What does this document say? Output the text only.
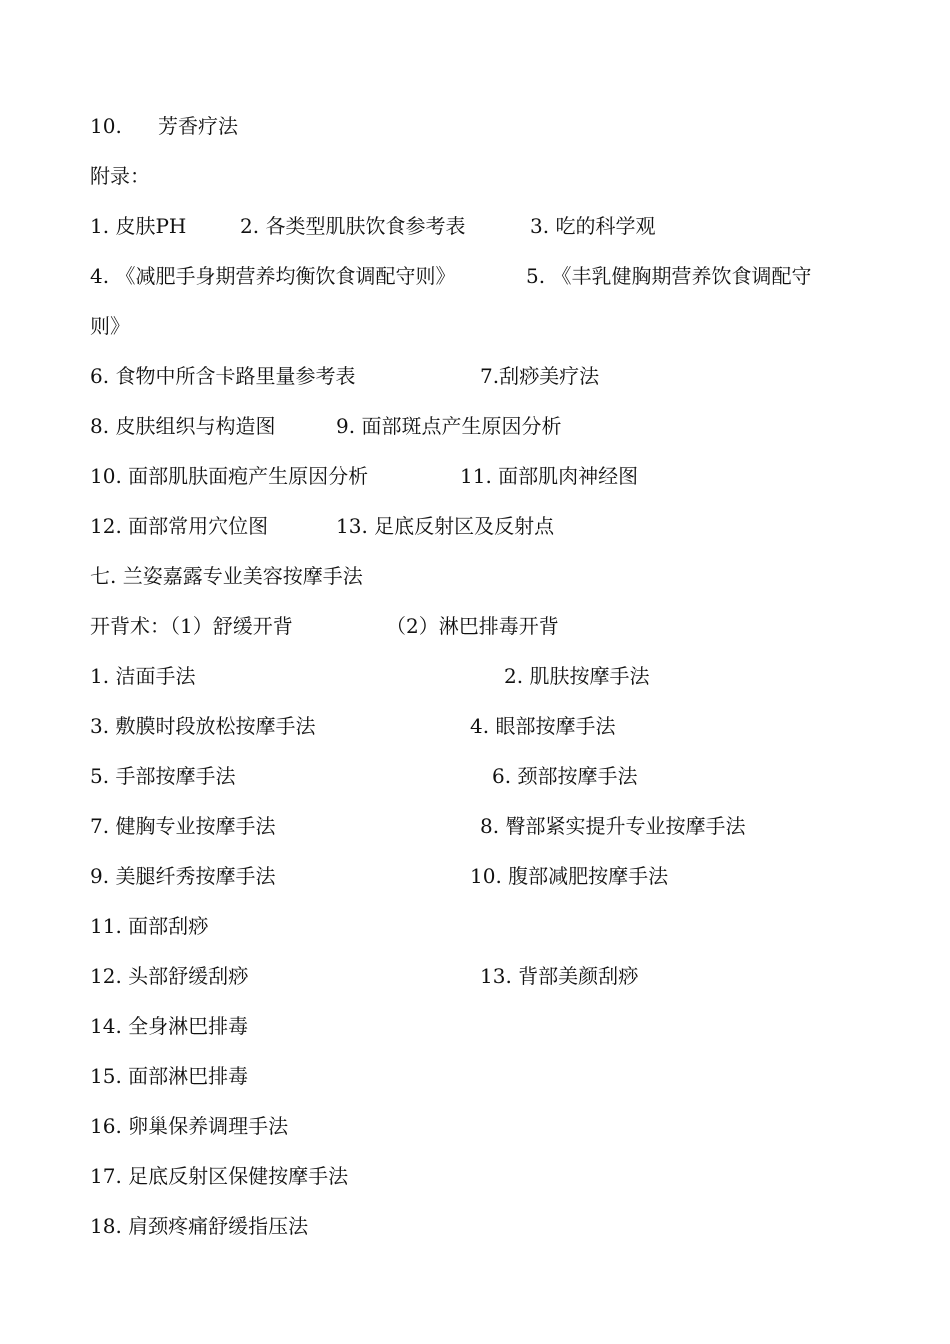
10. 芳香疗法
附录：
1. 皮肤PH	2. 各类型肌肤饮食参考表	3. 吃的科学观
4. 《减肥手身期营养均衡饮食调配守则》	5. 《丰乳健胸期营养饮食调配守
则》
6. 食物中所含卡路里量参考表	7.刮痧美疗法
8. 皮肤组织与构造图	9. 面部斑点产生原因分析
10. 面部肌肤面疱产生原因分析	11. 面部肌肉神经图
12. 面部常用穴位图	13. 足底反射区及反射点
七. 兰姿嘉露专业美容按摩手法
开背术：（1）舒缓开背	（2）淋巴排毒开背
1. 洁面手法	2. 肌肤按摩手法
3. 敷膜时段放松按摩手法	4. 眼部按摩手法
5. 手部按摩手法	6. 颈部按摩手法
7. 健胸专业按摩手法	8. 臀部紧实提升专业按摩手法
9. 美腿纤秀按摩手法	10. 腹部减肥按摩手法
11. 面部刮痧
12. 头部舒缓刮痧	13. 背部美颜刮痧
14. 全身淋巴排毒
15. 面部淋巴排毒
16. 卵巢保养调理手法
17. 足底反射区保健按摩手法
18. 肩颈疼痛舒缓指压法
